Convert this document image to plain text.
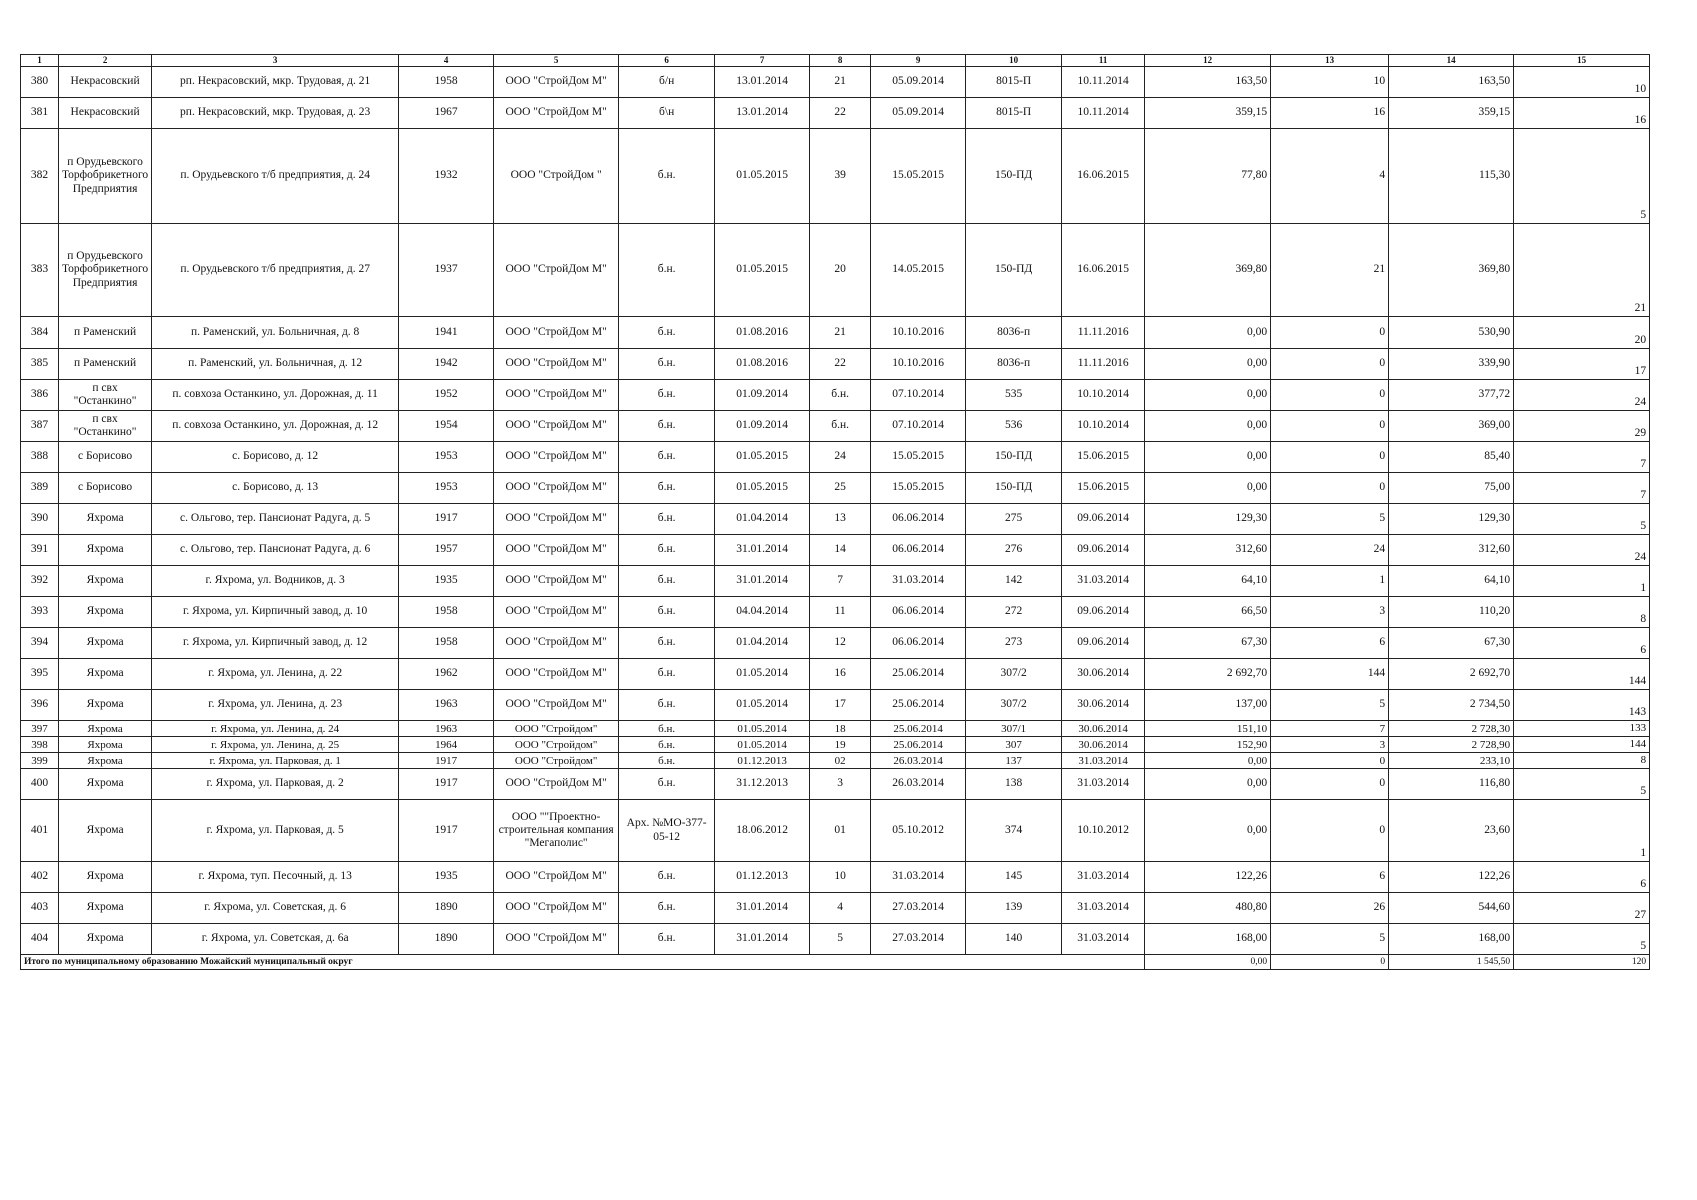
1	2	3	4	5	6	7	8	9	10	11	12	13	14	15
380	Некрасовский	рп. Некрасовский, мкр. Трудовая, д. 21	1958	ООО "СтройДом М"	б/н	13.01.2014	21	05.09.2014	8015-П	10.11.2014	163,50	10	163,50	10
381	Некрасовский	рп. Некрасовский, мкр. Трудовая, д. 23	1967	ООО "СтройДом М"	б\н	13.01.2014	22	05.09.2014	8015-П	10.11.2014	359,15	16	359,15	16
382	п Орудьевского Торфобрикетного Предприятия	п. Орудьевского т/б предприятия, д. 24	1932	ООО "СтройДом "	б.н.	01.05.2015	39	15.05.2015	150-ПД	16.06.2015	77,80	4	115,30	5
383	п Орудьевского Торфобрикетного Предприятия	п. Орудьевского т/б предприятия, д. 27	1937	ООО "СтройДом М"	б.н.	01.05.2015	20	14.05.2015	150-ПД	16.06.2015	369,80	21	369,80	21
384	п Раменский	п. Раменский, ул. Больничная, д. 8	1941	ООО "СтройДом М"	б.н.	01.08.2016	21	10.10.2016	8036-п	11.11.2016	0,00	0	530,90	20
385	п Раменский	п. Раменский, ул. Больничная, д. 12	1942	ООО "СтройДом М"	б.н.	01.08.2016	22	10.10.2016	8036-п	11.11.2016	0,00	0	339,90	17
386	п свх "Останкино"	п. совхоза Останкино, ул. Дорожная, д. 11	1952	ООО "СтройДом М"	б.н.	01.09.2014	б.н.	07.10.2014	535	10.10.2014	0,00	0	377,72	24
387	п свх "Останкино"	п. совхоза Останкино, ул. Дорожная, д. 12	1954	ООО "СтройДом М"	б.н.	01.09.2014	б.н.	07.10.2014	536	10.10.2014	0,00	0	369,00	29
388	с Борисово	с. Борисово, д. 12	1953	ООО "СтройДом М"	б.н.	01.05.2015	24	15.05.2015	150-ПД	15.06.2015	0,00	0	85,40	7
389	с Борисово	с. Борисово, д. 13	1953	ООО "СтройДом М"	б.н.	01.05.2015	25	15.05.2015	150-ПД	15.06.2015	0,00	0	75,00	7
390	Яхрома	с. Ольгово, тер. Пансионат Радуга, д. 5	1917	ООО "СтройДом М"	б.н.	01.04.2014	13	06.06.2014	275	09.06.2014	129,30	5	129,30	5
391	Яхрома	с. Ольгово, тер. Пансионат Радуга, д. 6	1957	ООО "СтройДом М"	б.н.	31.01.2014	14	06.06.2014	276	09.06.2014	312,60	24	312,60	24
392	Яхрома	г. Яхрома, ул. Водников, д. 3	1935	ООО "СтройДом М"	б.н.	31.01.2014	7	31.03.2014	142	31.03.2014	64,10	1	64,10	1
393	Яхрома	г. Яхрома, ул. Кирпичный завод, д. 10	1958	ООО "СтройДом М"	б.н.	04.04.2014	11	06.06.2014	272	09.06.2014	66,50	3	110,20	8
394	Яхрома	г. Яхрома, ул. Кирпичный завод, д. 12	1958	ООО "СтройДом М"	б.н.	01.04.2014	12	06.06.2014	273	09.06.2014	67,30	6	67,30	6
395	Яхрома	г. Яхрома, ул. Ленина, д. 22	1962	ООО "СтройДом М"	б.н.	01.05.2014	16	25.06.2014	307/2	30.06.2014	2 692,70	144	2 692,70	144
396	Яхрома	г. Яхрома, ул. Ленина, д. 23	1963	ООО "СтройДом М"	б.н.	01.05.2014	17	25.06.2014	307/2	30.06.2014	137,00	5	2 734,50	143
397	Яхрома	г. Яхрома, ул. Ленина, д. 24	1963	ООО "Стройдом"	б.н.	01.05.2014	18	25.06.2014	307/1	30.06.2014	151,10	7	2 728,30	133
398	Яхрома	г. Яхрома, ул. Ленина, д. 25	1964	ООО "Стройдом"	б.н.	01.05.2014	19	25.06.2014	307	30.06.2014	152,90	3	2 728,90	144
399	Яхрома	г. Яхрома, ул. Парковая, д. 1	1917	ООО "Стройдом"	б.н.	01.12.2013	02	26.03.2014	137	31.03.2014	0,00	0	233,10	8
400	Яхрома	г. Яхрома, ул. Парковая, д. 2	1917	ООО "СтройДом М"	б.н.	31.12.2013	3	26.03.2014	138	31.03.2014	0,00	0	116,80	5
401	Яхрома	г. Яхрома, ул. Парковая, д. 5	1917	ООО ""Проектно-строительная компания "Мегаполис"	Арх. №МО-377-05-12	18.06.2012	01	05.10.2012	374	10.10.2012	0,00	0	23,60	1
402	Яхрома	г. Яхрома, туп. Песочный, д. 13	1935	ООО "СтройДом М"	б.н.	01.12.2013	10	31.03.2014	145	31.03.2014	122,26	6	122,26	6
403	Яхрома	г. Яхрома, ул. Советская, д. 6	1890	ООО "СтройДом М"	б.н.	31.01.2014	4	27.03.2014	139	31.03.2014	480,80	26	544,60	27
404	Яхрома	г. Яхрома, ул. Советская, д. 6а	1890	ООО "СтройДом М"	б.н.	31.01.2014	5	27.03.2014	140	31.03.2014	168,00	5	168,00	5
Итого по муниципальному образованию Можайский муниципальный округ											0,00	0	1 545,50	120
